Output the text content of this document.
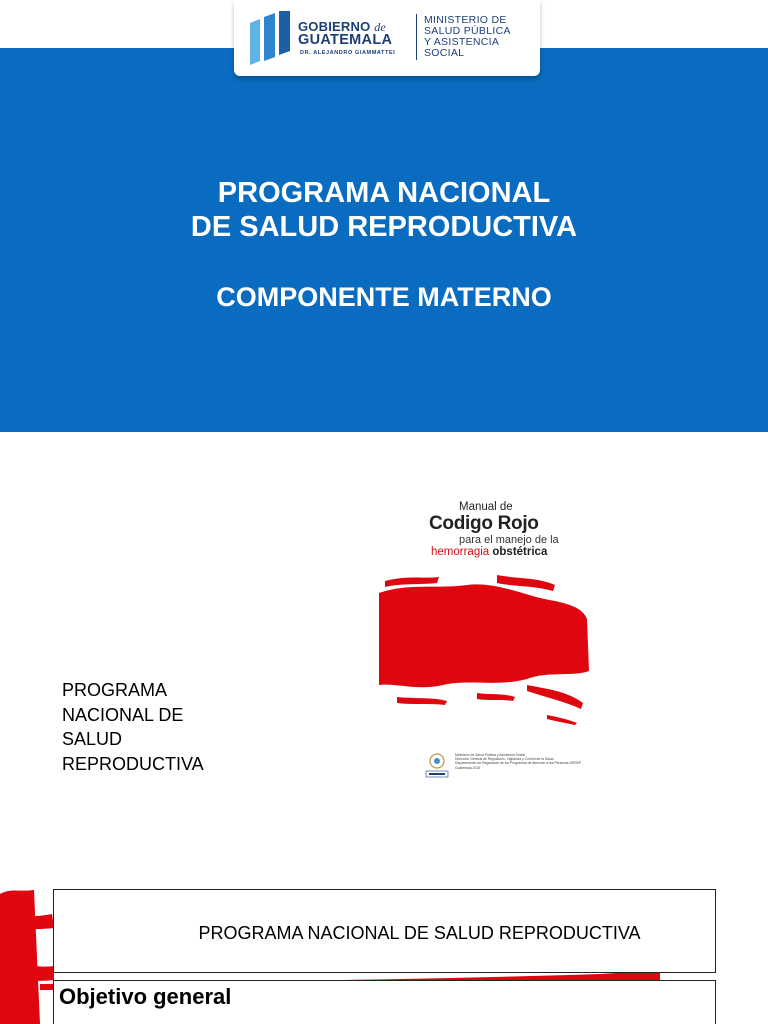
GOBIERNO de
GUATEMALA
DR. ALEJANDRO GIAMMATTEI
MINISTERIO DE
SALUD PÚBLICA
Y ASISTENCIA
SOCIAL
PROGRAMA NACIONAL
DE SALUD REPRODUCTIVA
COMPONENTE MATERNO
PROGRAMA
NACIONAL DE
SALUD
REPRODUCTIVA
Manual de
Codigo Rojo
para el manejo de la
hemorragia obstétrica
Ministerio de Salud Pública y Asistencia Social
Dirección General de Regulación, Vigilancia y Control de la Salud
Departamento de Regulación de los Programas de Atención a las Personas DRPAP
Guatemala 2018
PROGRAMA NACIONAL DE SALUD REPRODUCTIVA
Objetivo general
